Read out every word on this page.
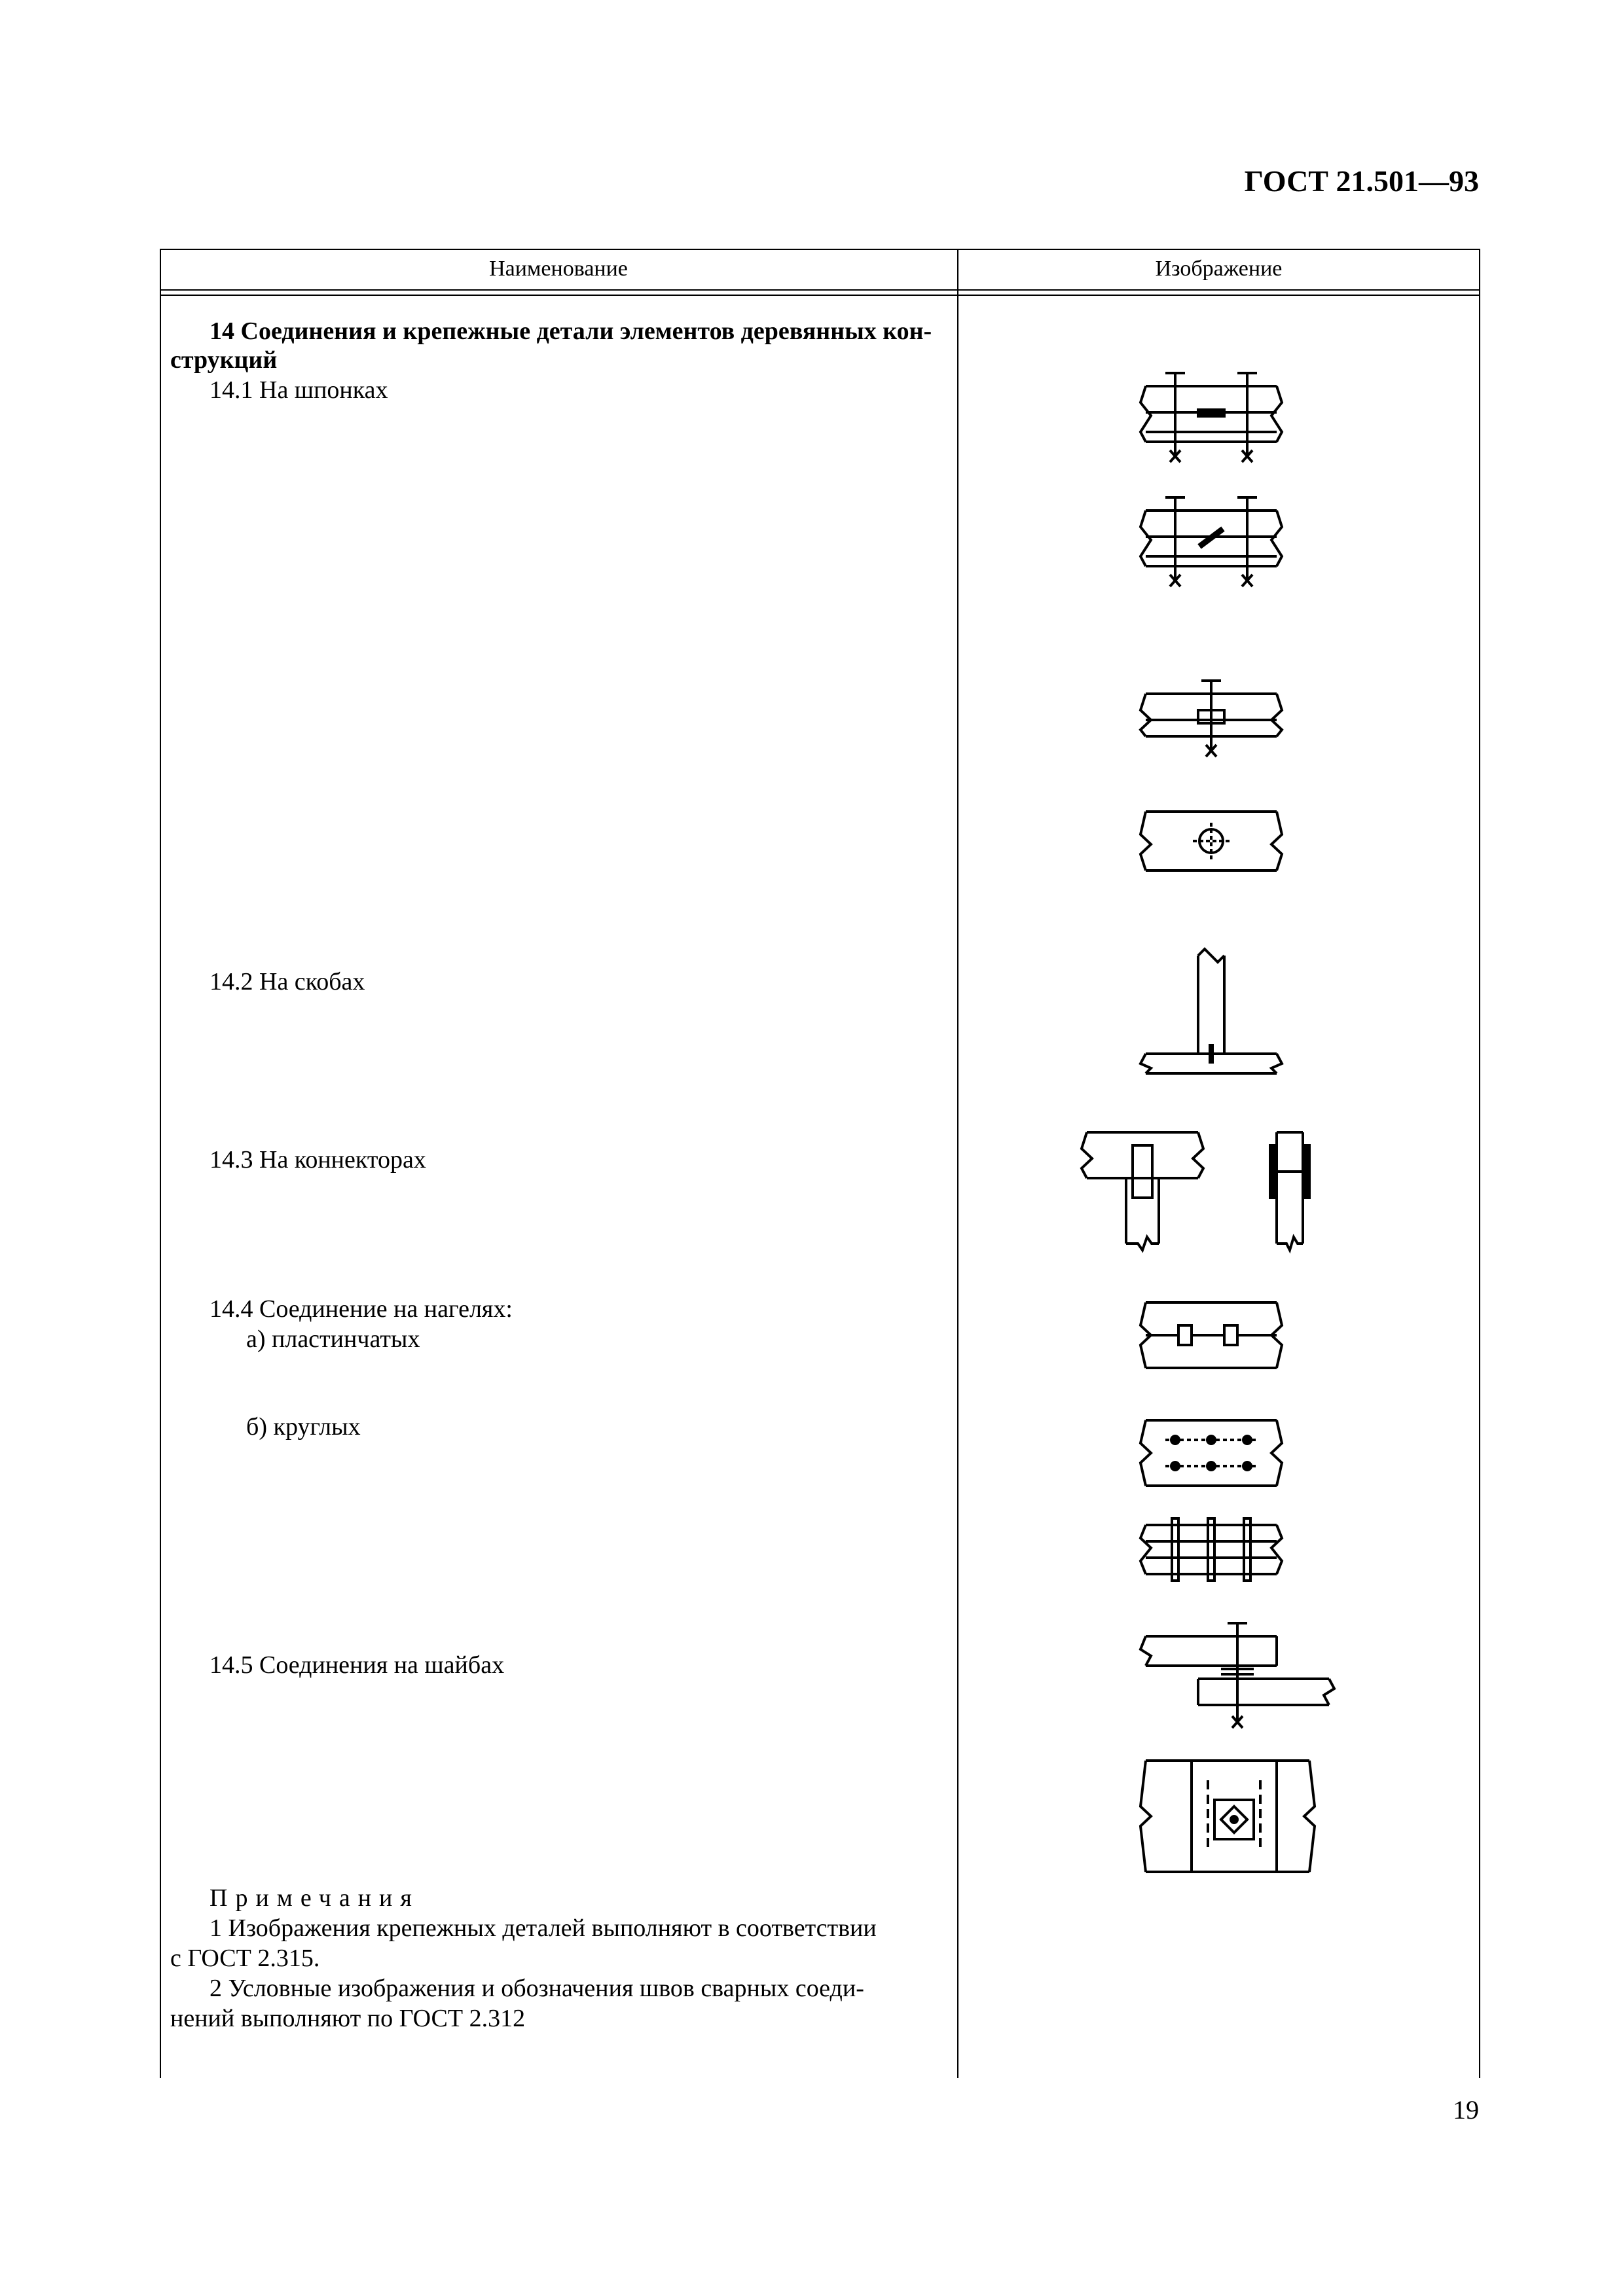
ГОСТ 21.501—93
Наименование	Изображение
14 Соединения и крепежные детали элементов деревянных кон-
струкций
14.1 На шпонках
14.2 На скобах
14.3 На коннекторах
14.4 Соединение на нагелях:
а) пластинчатых
б) круглых
14.5 Соединения на шайбах
Примечания
1 Изображения крепежных деталей выполняют в соответствии
с ГОСТ 2.315.
2 Условные изображения и обозначения швов сварных соеди-
нений выполняют по ГОСТ 2.312
19
